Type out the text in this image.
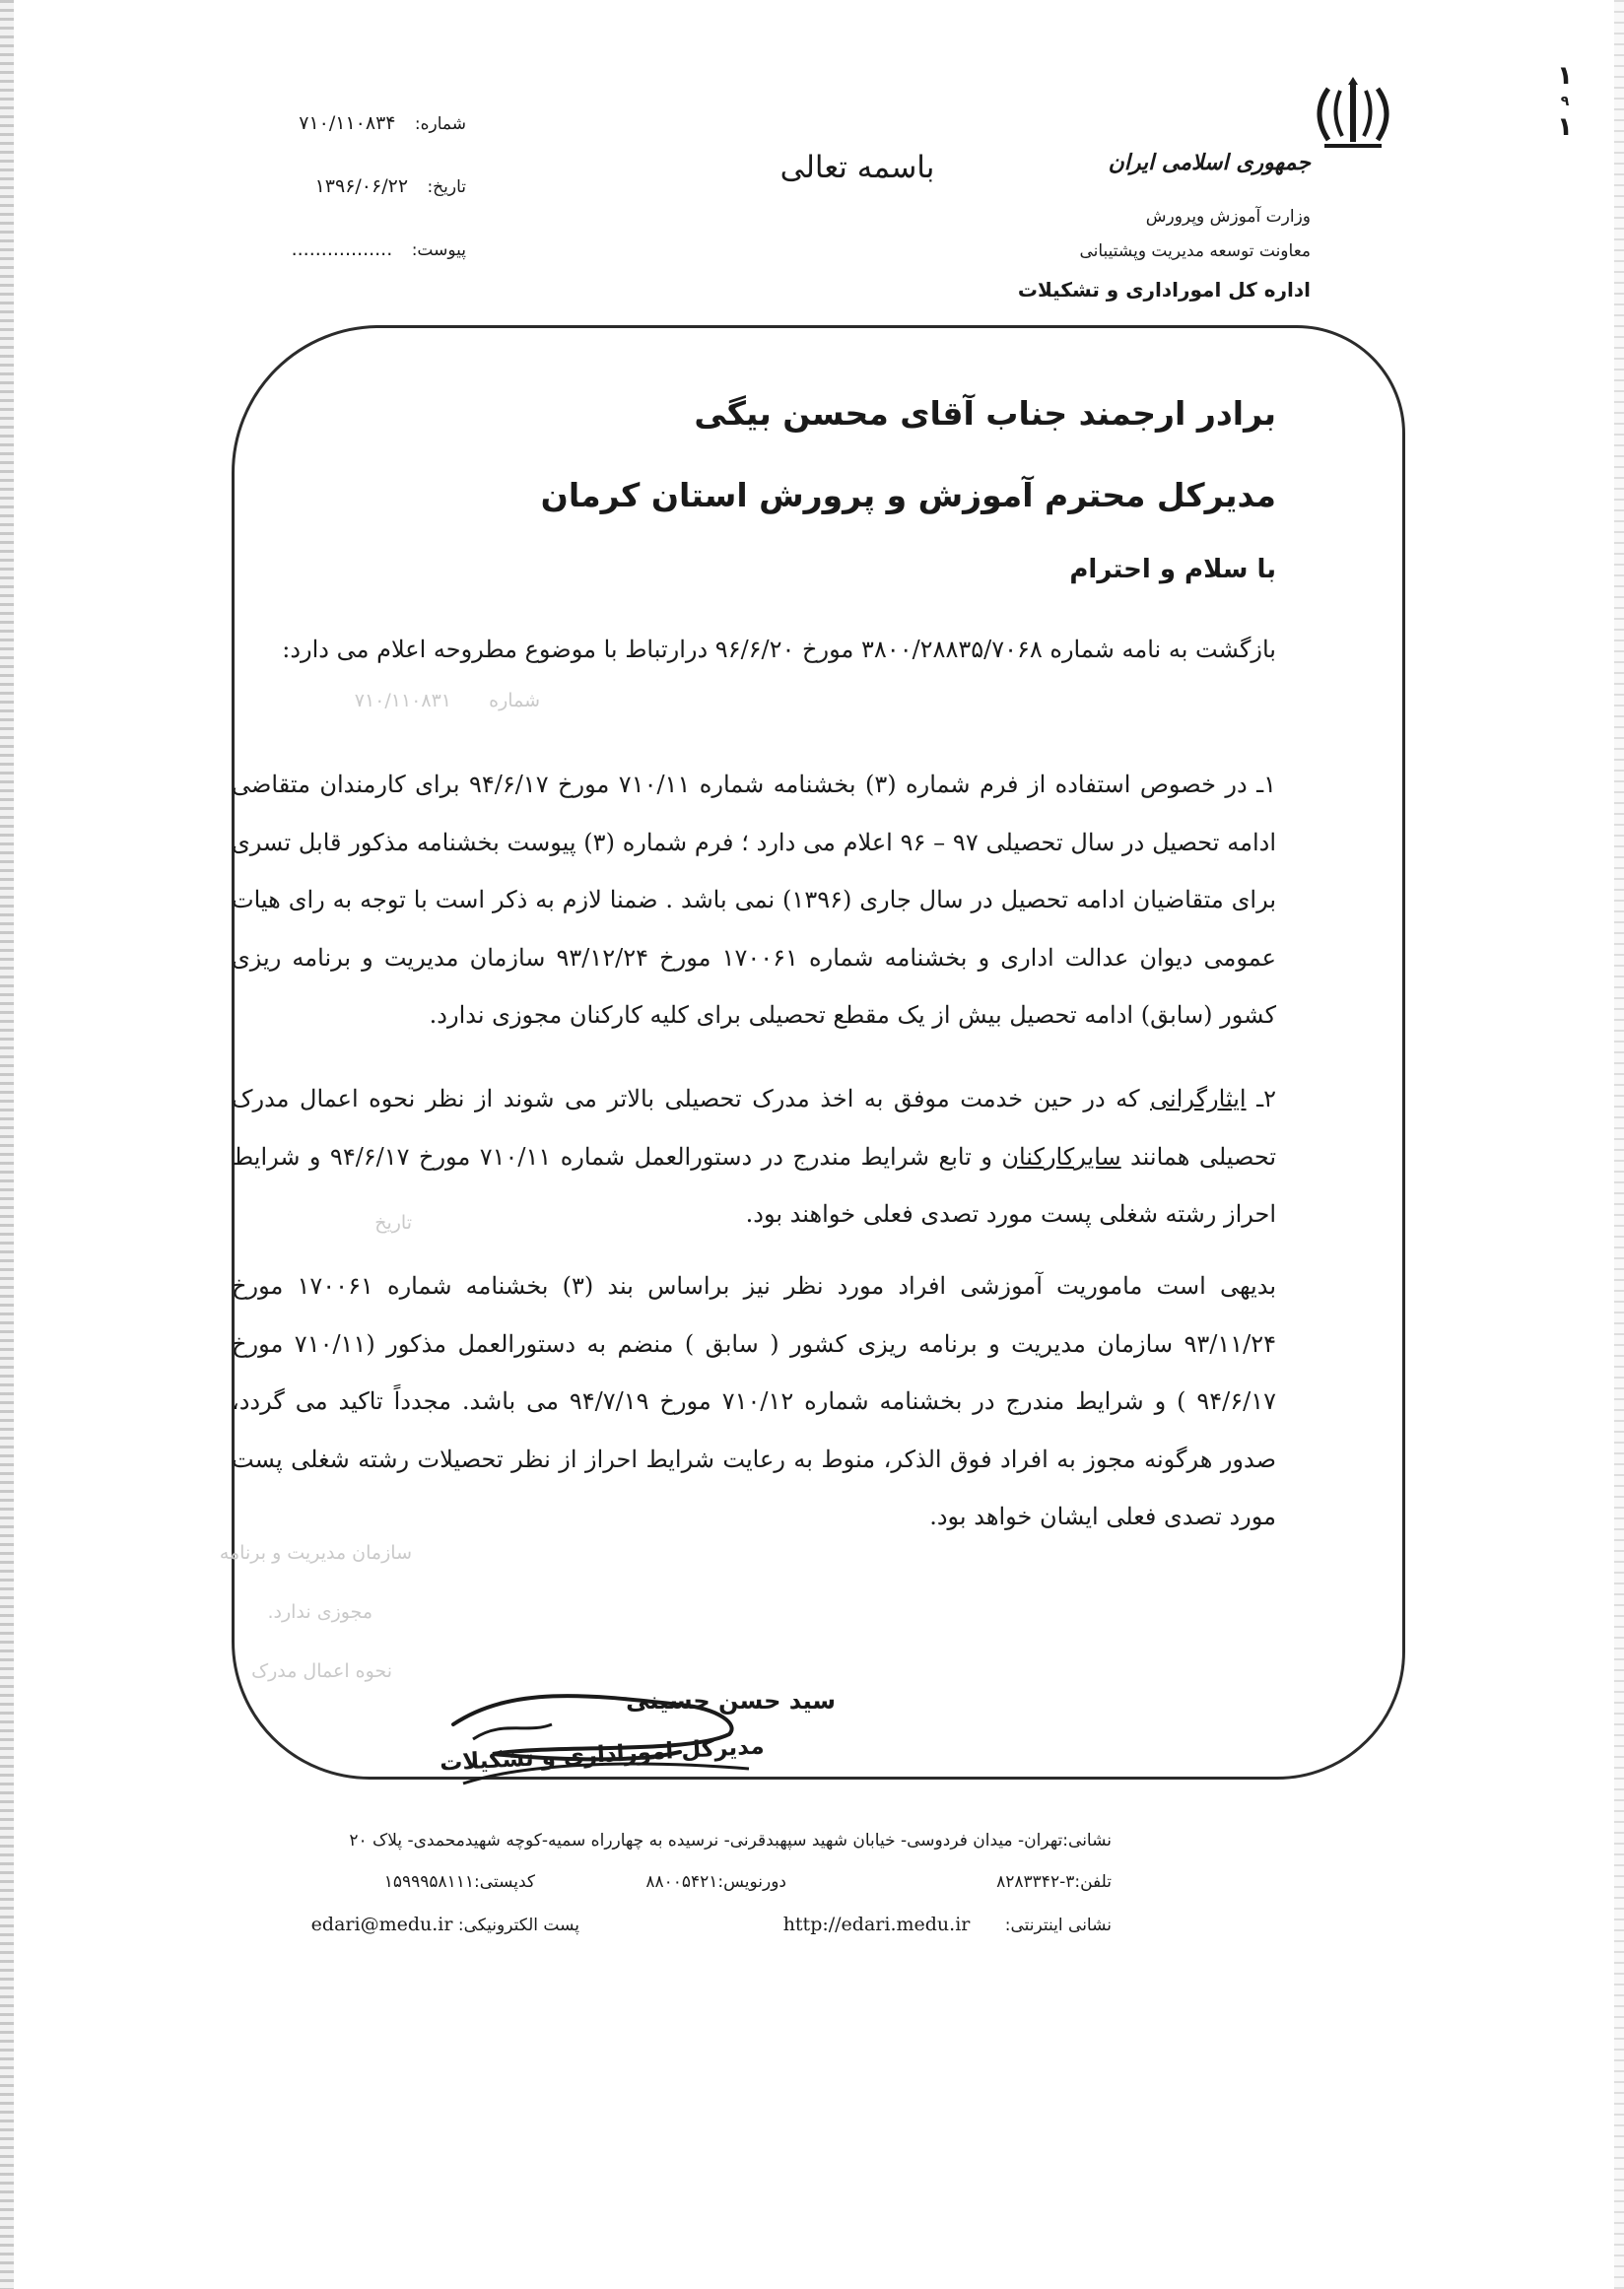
۱
۹
۱
جمهوری اسلامی ایران
وزارت آموزش وپرورش
معاونت توسعه مدیریت وپشتیبانی
اداره کل اموراداری و تشکیلات
باسمه تعالی
شماره: ۷۱۰/۱۱۰۸۳۴
تاریخ: ۱۳۹۶/۰۶/۲۲
پیوست: .................
۷۱۰/۱۱۰۸۳۱ شماره
تاریخ
سازمان مدیریت و برنامه
مجوزی ندارد.
نحوه اعمال مدرک
برادر ارجمند جناب آقای محسن بیگی
مدیرکل محترم آموزش و پرورش استان کرمان
با سلام و احترام
بازگشت به نامه شماره ۳۸۰۰/۲۸۸۳۵/۷۰۶۸ مورخ ۹۶/۶/۲۰ درارتباط با موضوع مطروحه اعلام می دارد:
۱ـ در خصوص استفاده از فرم شماره (۳) بخشنامه شماره ۷۱۰/۱۱ مورخ ۹۴/۶/۱۷ برای کارمندان متقاضی ادامه تحصیل در سال تحصیلی ۹۷ – ۹۶ اعلام می دارد ؛ فرم شماره (۳) پیوست بخشنامه مذکور قابل تسری برای متقاضیان ادامه تحصیل در سال جاری (۱۳۹۶) نمی باشد . ضمنا لازم به ذکر است با توجه به رای هیات عمومی دیوان عدالت اداری و بخشنامه شماره ۱۷۰۰۶۱ مورخ ۹۳/۱۲/۲۴ سازمان مدیریت و برنامه ریزی کشور (سابق) ادامه تحصیل بیش از یک مقطع تحصیلی برای کلیه کارکنان مجوزی ندارد.
۲ـ ایثارگرانی که در حین خدمت موفق به اخذ مدرک تحصیلی بالاتر می شوند از نظر نحوه اعمال مدرک تحصیلی همانند سایرکارکنان و تابع شرایط مندرج در دستورالعمل شماره ۷۱۰/۱۱ مورخ ۹۴/۶/۱۷ و شرایط احراز رشته شغلی پست مورد تصدی فعلی خواهند بود.
بدیهی است ماموریت آموزشی افراد مورد نظر نیز براساس بند (۳) بخشنامه شماره ۱۷۰۰۶۱ مورخ ۹۳/۱۱/۲۴ سازمان مدیریت و برنامه ریزی کشور ( سابق ) منضم به دستورالعمل مذکور (۷۱۰/۱۱ مورخ ۹۴/۶/۱۷ ) و شرایط مندرج در بخشنامه شماره ۷۱۰/۱۲ مورخ ۹۴/۷/۱۹ می باشد. مجدداً تاکید می گردد، صدور هرگونه مجوز به افراد فوق الذکر، منوط به رعایت شرایط احراز از نظر تحصیلات رشته شغلی پست مورد تصدی فعلی ایشان خواهد بود.
سید حسن حسینی
مدیرکل اموراداری و تشکیلات
نشانی:تهران- میدان فردوسی- خیابان شهید سپهبدقرنی- نرسیده به چهارراه سمیه-کوچه شهیدمحمدی- پلاک ۲۰
تلفن:۳-۸۲۸۳۳۴۲
دورنویس:۸۸۰۰۵۴۲۱
کدپستی:۱۵۹۹۹۵۸۱۱۱
نشانی اینترنتی: http://edari.medu.ir
پست الکترونیکی: edari@medu.ir
